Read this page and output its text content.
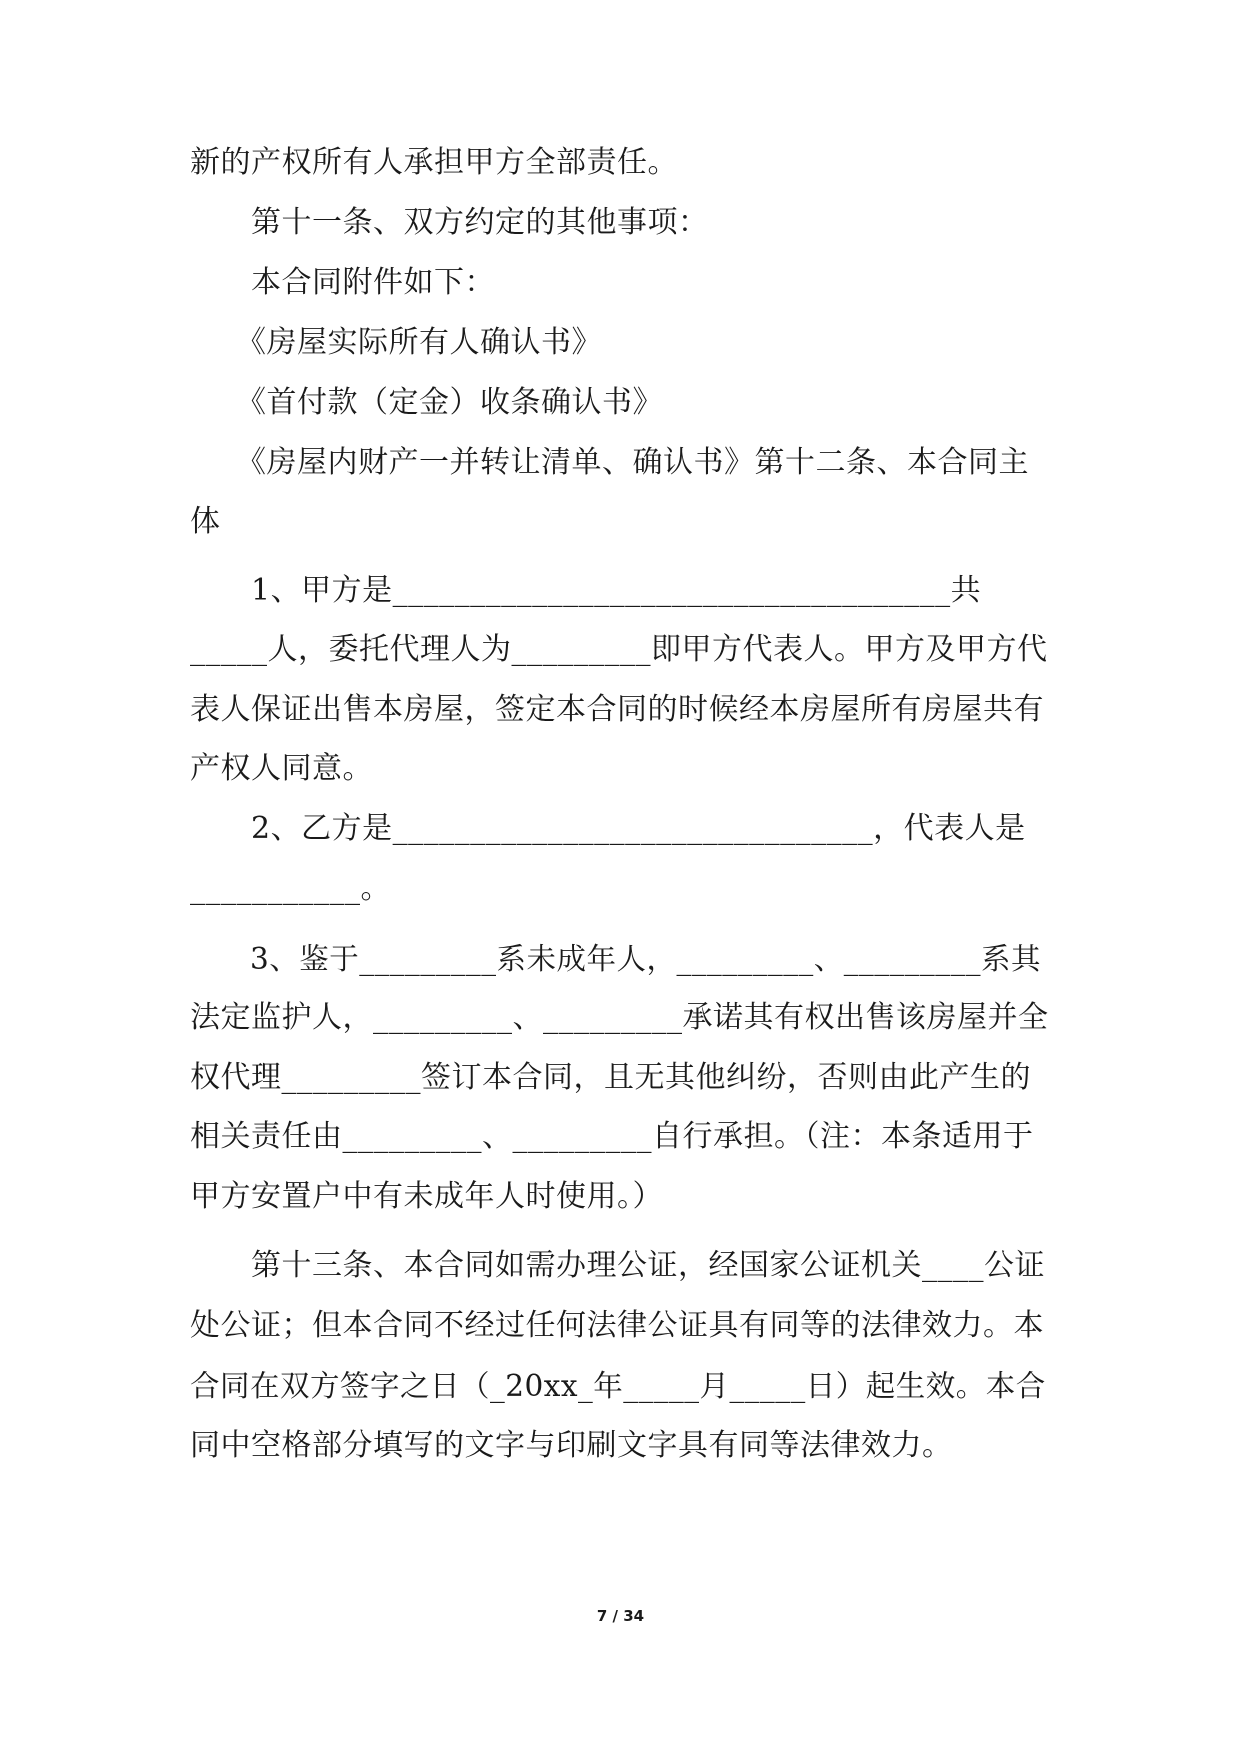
新的产权所有人承担甲方全部责任。
　　第十一条、双方约定的其他事项：
　　本合同附件如下：
　　《房屋实际所有人确认书》
　　《首付款（定金）收条确认书》
　　《房屋内财产一并转让清单、确认书》第十二条、本合同主
体
　　1、甲方是____________________________________共
_____人，委托代理人为_________即甲方代表人。甲方及甲方代
表人保证出售本房屋，签定本合同的时候经本房屋所有房屋共有
产权人同意。
　　2、乙方是_______________________________，代表人是
___________。
　　3、鉴于_________系未成年人，_________、_________系其
法定监护人，_________、_________承诺其有权出售该房屋并全
权代理_________签订本合同，且无其他纠纷，否则由此产生的
相关责任由_________、_________自行承担。（注：本条适用于
甲方安置户中有未成年人时使用。）
　　第十三条、本合同如需办理公证，经国家公证机关____公证
处公证；但本合同不经过任何法律公证具有同等的法律效力。本
合同在双方签字之日（_20xx_年_____月_____日）起生效。本合
同中空格部分填写的文字与印刷文字具有同等法律效力。
7 / 34
